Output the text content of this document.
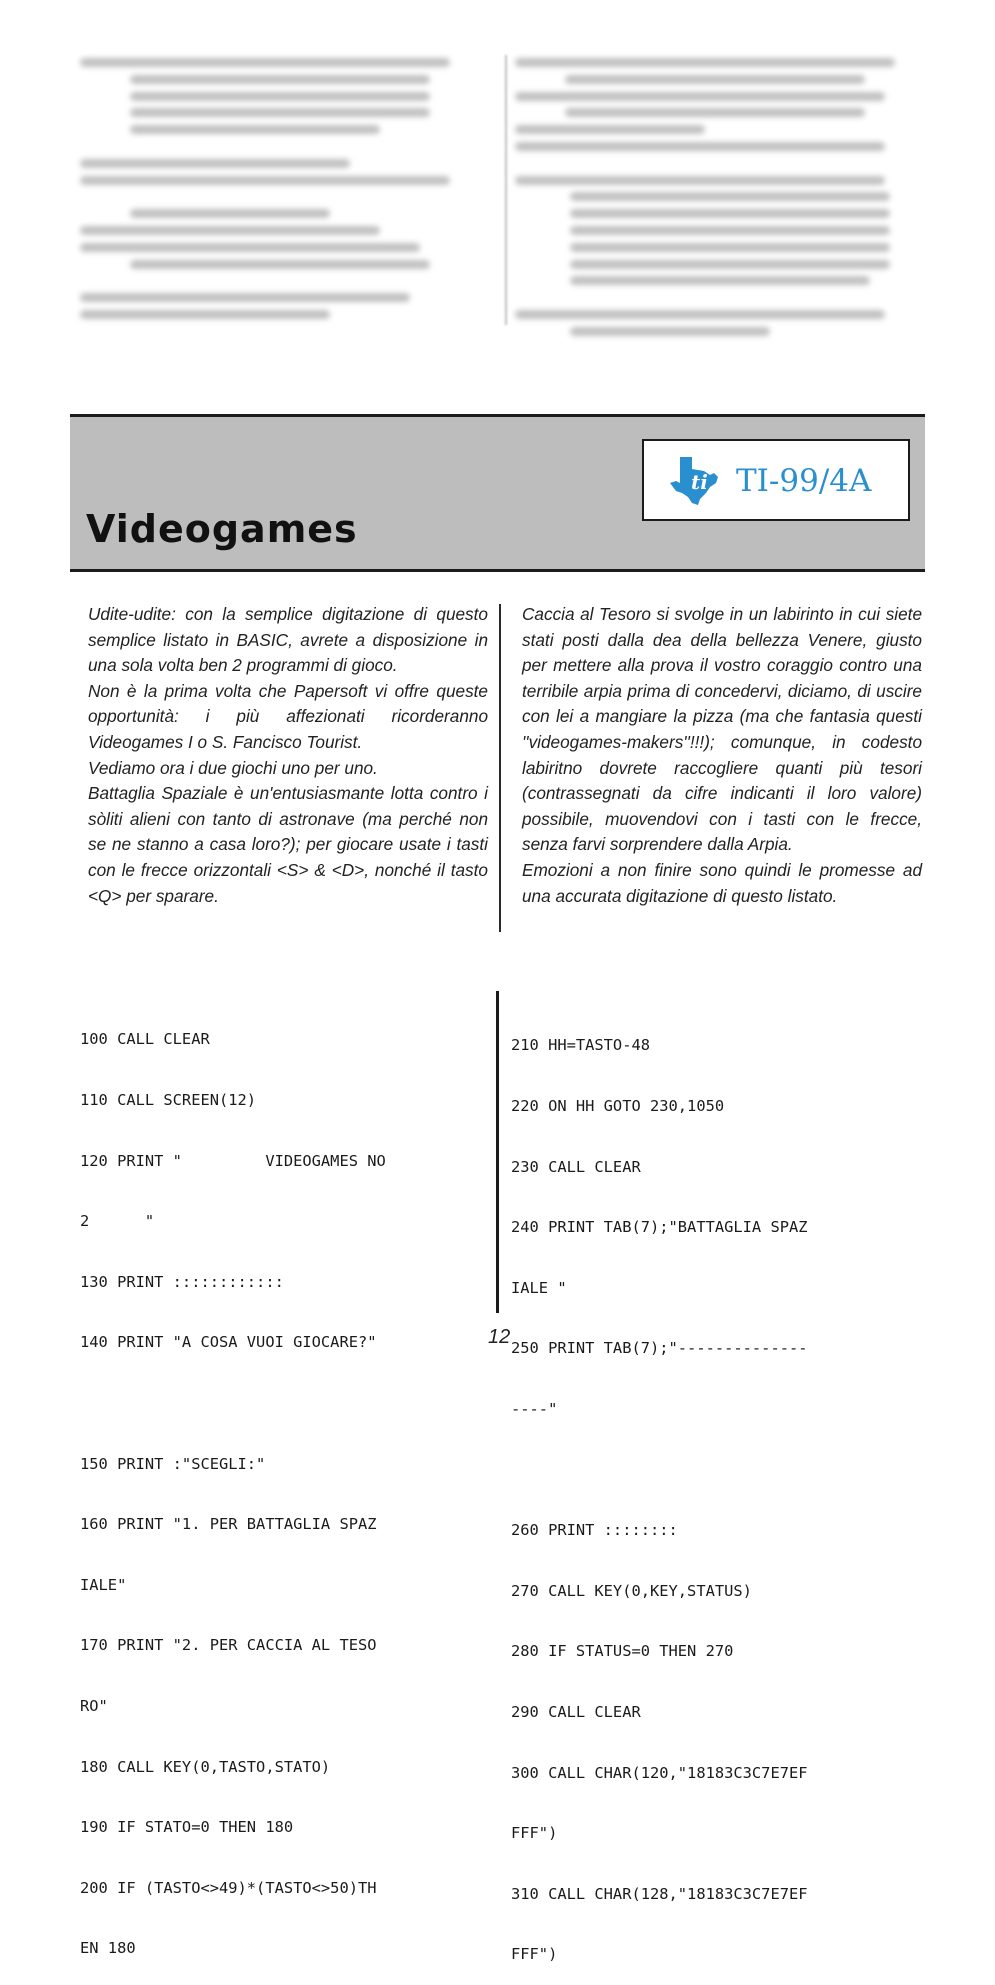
ti TI-99/4A
Videogames

Udite-udite: con la semplice digitazione di questo semplice listato in BASIC, avrete a disposizione in una sola volta ben 2 programmi di gioco.

Non è la prima volta che Papersoft vi offre queste opportunità: i più affezionati ricorderanno Videogames I o S. Fancisco Tourist.

Vediamo ora i due giochi uno per uno.

Battaglia Spaziale è un'entusiasmante lotta contro i sòliti alieni con tanto di astronave (ma perché non se ne stanno a casa loro?); per giocare usate i tasti con le frecce orizzontali <S> & <D>, nonché il tasto <Q> per sparare.

Caccia al Tesoro si svolge in un labirinto in cui siete stati posti dalla dea della bellezza Venere, giusto per mettere alla prova il vostro coraggio contro una terribile arpia prima di concedervi, diciamo, di uscire con lei a mangiare la pizza (ma che fantasia questi ''videogames-makers''!!!); comunque, in codesto labiritno dovrete raccogliere quanti più tesori (contrassegnati da cifre indicanti il loro valore) possibile, muovendovi con i tasti con le frecce, senza farvi sorprendere dalla Arpia.

Emozioni a non finire sono quindi le promesse ad una accurata digitazione di questo listato.

100 CALL CLEAR

110 CALL SCREEN(12)

120 PRINT "         VIDEOGAMES NO

2      "

130 PRINT ::::::::::::

140 PRINT "A COSA VUOI GIOCARE?"

150 PRINT :"SCEGLI:"

160 PRINT "1. PER BATTAGLIA SPAZ

IALE"

170 PRINT "2. PER CACCIA AL TESO

RO"

180 CALL KEY(0,TASTO,STATO)

190 IF STATO=0 THEN 180

200 IF (TASTO<>49)*(TASTO<>50)TH

EN 180

210 HH=TASTO-48

220 ON HH GOTO 230,1050

230 CALL CLEAR

240 PRINT TAB(7);"BATTAGLIA SPAZ

IALE "

250 PRINT TAB(7);"--------------

----"

260 PRINT ::::::::

270 CALL KEY(0,KEY,STATUS)

280 IF STATUS=0 THEN 270

290 CALL CLEAR

300 CALL CHAR(120,"18183C3C7E7EF

FFF")

310 CALL CHAR(128,"18183C3C7E7EF

FFF")

12
